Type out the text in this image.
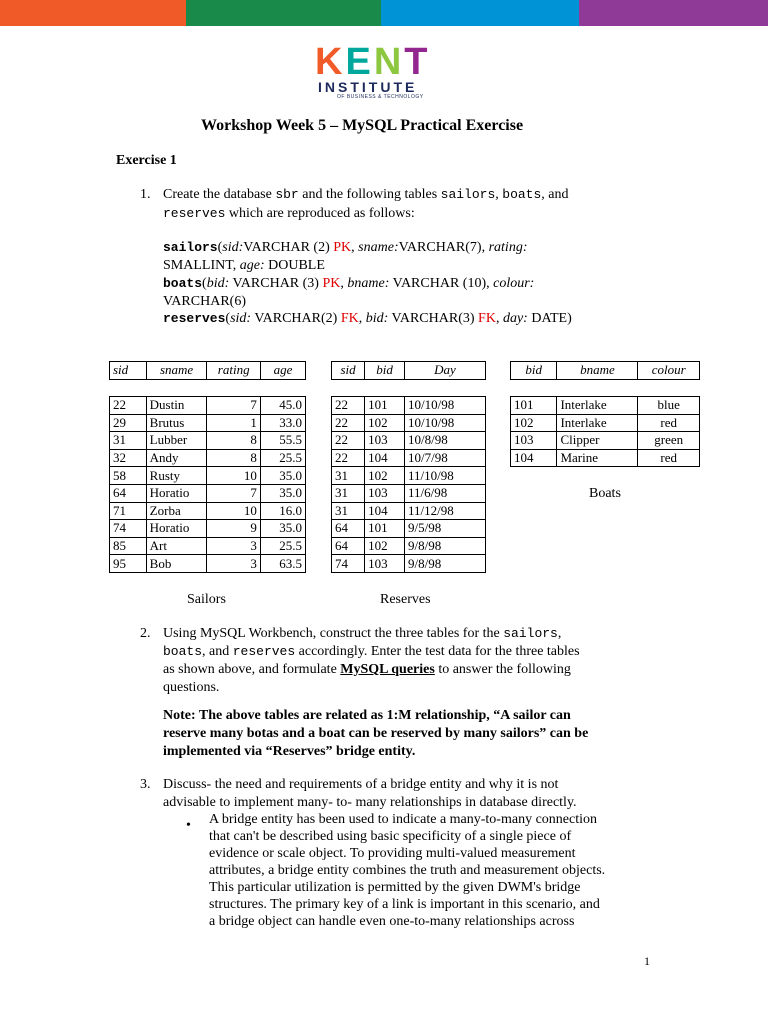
K E N T
INSTITUTE
OF BUSINESS & TECHNOLOGY
Workshop Week 5 – MySQL Practical Exercise
Exercise 1
1. Create the database sbr and the following tables sailors, boats, and
reserves which are reproduced as follows:
sailors(sid:VARCHAR (2) PK, sname:VARCHAR(7), rating:
SMALLINT, age: DOUBLE
boats(bid: VARCHAR (3) PK, bname: VARCHAR (10), colour:
VARCHAR(6)
reserves(sid: VARCHAR(2) FK, bid: VARCHAR(3) FK, day: DATE)
sid	sname	rating	age
22	Dustin	7	45.0
29	Brutus	1	33.0
31	Lubber	8	55.5
32	Andy	8	25.5
58	Rusty	10	35.0
64	Horatio	7	35.0
71	Zorba	10	16.0
74	Horatio	9	35.0
85	Art	3	25.5
95	Bob	3	63.5
sid	bid	Day
22	101	10/10/98
22	102	10/10/98
22	103	10/8/98
22	104	10/7/98
31	102	11/10/98
31	103	11/6/98
31	104	11/12/98
64	101	9/5/98
64	102	9/8/98
74	103	9/8/98
bid	bname	colour
101	Interlake	blue
102	Interlake	red
103	Clipper	green
104	Marine	red
Boats
Sailors	Reserves
2. Using MySQL Workbench, construct the three tables for the sailors,
boats, and reserves accordingly. Enter the test data for the three tables
as shown above, and formulate MySQL queries to answer the following
questions.
Note: The above tables are related as 1:M relationship, “A sailor can
reserve many botas and a boat can be reserved by many sailors” can be
implemented via “Reserves” bridge entity.
3. Discuss- the need and requirements of a bridge entity and why it is not
advisable to implement many- to- many relationships in database directly.
• A bridge entity has been used to indicate a many-to-many connection
that can't be described using basic specificity of a single piece of
evidence or scale object. To providing multi-valued measurement
attributes, a bridge entity combines the truth and measurement objects.
This particular utilization is permitted by the given DWM's bridge
structures. The primary key of a link is important in this scenario, and
a bridge object can handle even one-to-many relationships across
1
